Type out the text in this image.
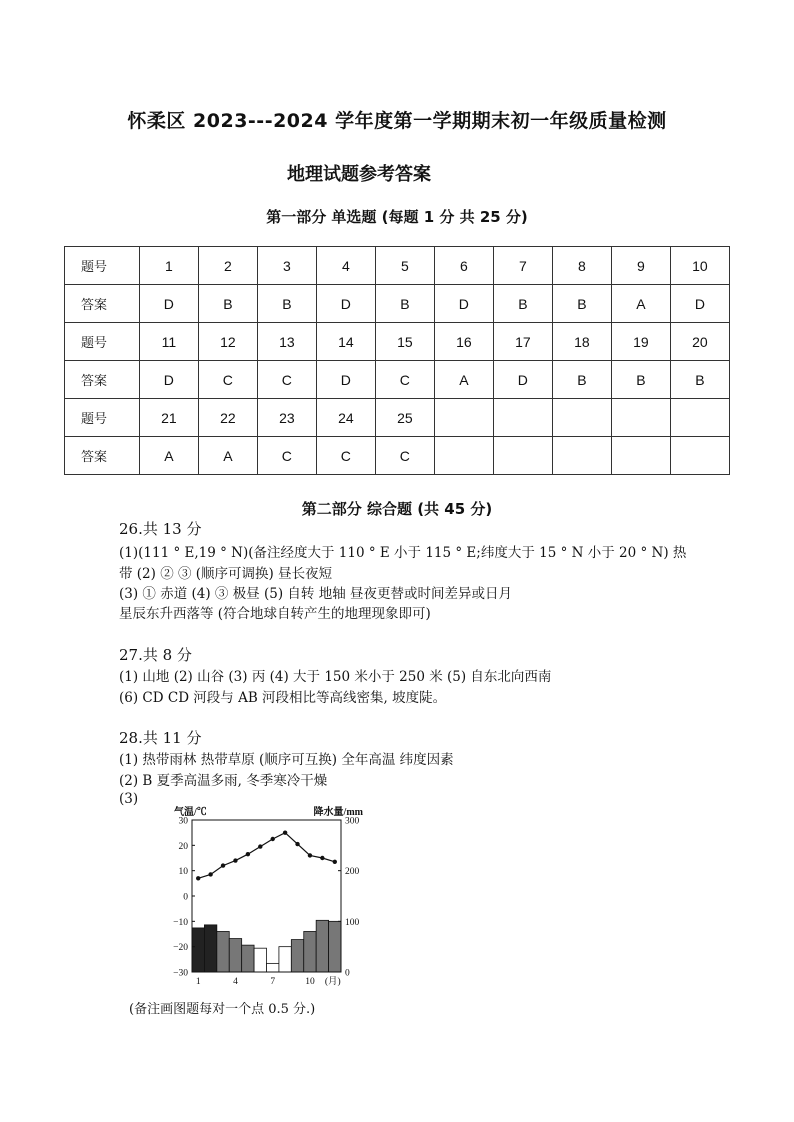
怀柔区 2023---2024 学年度第一学期期末初一年级质量检测
地理试题参考答案
第一部分 单选题 (每题 1 分 共 25 分)
题号	1	2	3	4	5	6	7	8	9	10
答案	D	B	B	D	B	D	B	B	A	D
题号	11	12	13	14	15	16	17	18	19	20
答案	D	C	C	D	C	A	D	B	B	B
题号	21	22	23	24	25					
答案	A	A	C	C	C					
第二部分 综合题 (共 45 分)
26.共 13 分
(1)(111 ° E,19 ° N)(备注经度大于 110 ° E 小于 115 ° E;纬度大于 15 ° N 小于 20 ° N) 热
带 (2) ② ③ (顺序可调换) 昼长夜短
(3) ① 赤道 (4) ③ 极昼 (5) 自转 地轴 昼夜更替或时间差异或日月
星辰东升西落等 (符合地球自转产生的地理现象即可)
27.共 8 分
(1) 山地 (2) 山谷 (3) 丙 (4) 大于 150 米小于 250 米 (5) 自东北向西南
(6) CD CD 河段与 AB 河段相比等高线密集, 坡度陡。
28.共 11 分
(1) 热带雨林 热带草原 (顺序可互换) 全年高温 纬度因素
(2) B 夏季高温多雨, 冬季寒冷干燥
(3)
30
20
10
0
−10
−20
−30
300
200
100
0
1	4	7	10 (月)
气温/℃	降水量/mm
(备注画图题每对一个点 0.5 分.)
